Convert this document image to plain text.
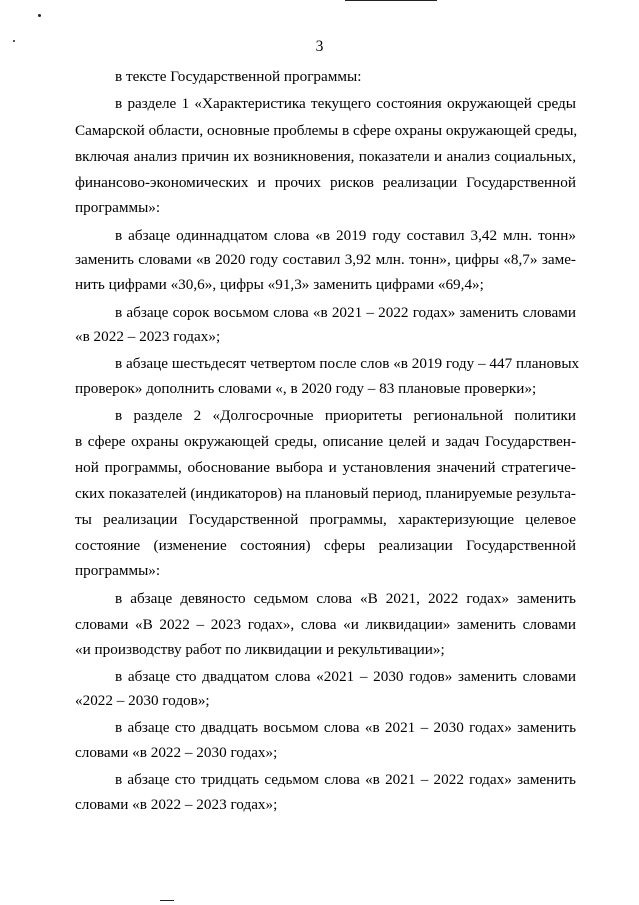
3
в тексте Государственной программы:
в разделе 1 «Характеристика текущего состояния окружающей среды
Самарской области, основные проблемы в сфере охраны окружающей среды,
включая анализ причин их возникновения, показатели и анализ социальных,
финансово-экономических и прочих рисков реализации Государственной
программы»:
в абзаце одиннадцатом слова «в 2019 году составил 3,42 млн. тонн»
заменить словами «в 2020 году составил 3,92 млн. тонн», цифры «8,7» заме-
нить цифрами «30,6», цифры «91,3» заменить цифрами «69,4»;
в абзаце сорок восьмом слова «в 2021 – 2022 годах» заменить словами
«в 2022 – 2023 годах»;
в абзаце шестьдесят четвертом после слов «в 2019 году – 447 плановых
проверок» дополнить словами «, в 2020 году – 83 плановые проверки»;
в разделе 2 «Долгосрочные приоритеты региональной политики
в сфере охраны окружающей среды, описание целей и задач Государствен-
ной программы, обоснование выбора и установления значений стратегиче-
ских показателей (индикаторов) на плановый период, планируемые результа-
ты реализации Государственной программы, характеризующие целевое
состояние (изменение состояния) сферы реализации Государственной
программы»:
в абзаце девяносто седьмом слова «В 2021, 2022 годах» заменить
словами «В 2022 – 2023 годах», слова «и ликвидации» заменить словами
«и производству работ по ликвидации и рекультивации»;
в абзаце сто двадцатом слова «2021 – 2030 годов» заменить словами
«2022 – 2030 годов»;
в абзаце сто двадцать восьмом слова «в 2021 – 2030 годах» заменить
словами «в 2022 – 2030 годах»;
в абзаце сто тридцать седьмом слова «в 2021 – 2022 годах» заменить
словами «в 2022 – 2023 годах»;
